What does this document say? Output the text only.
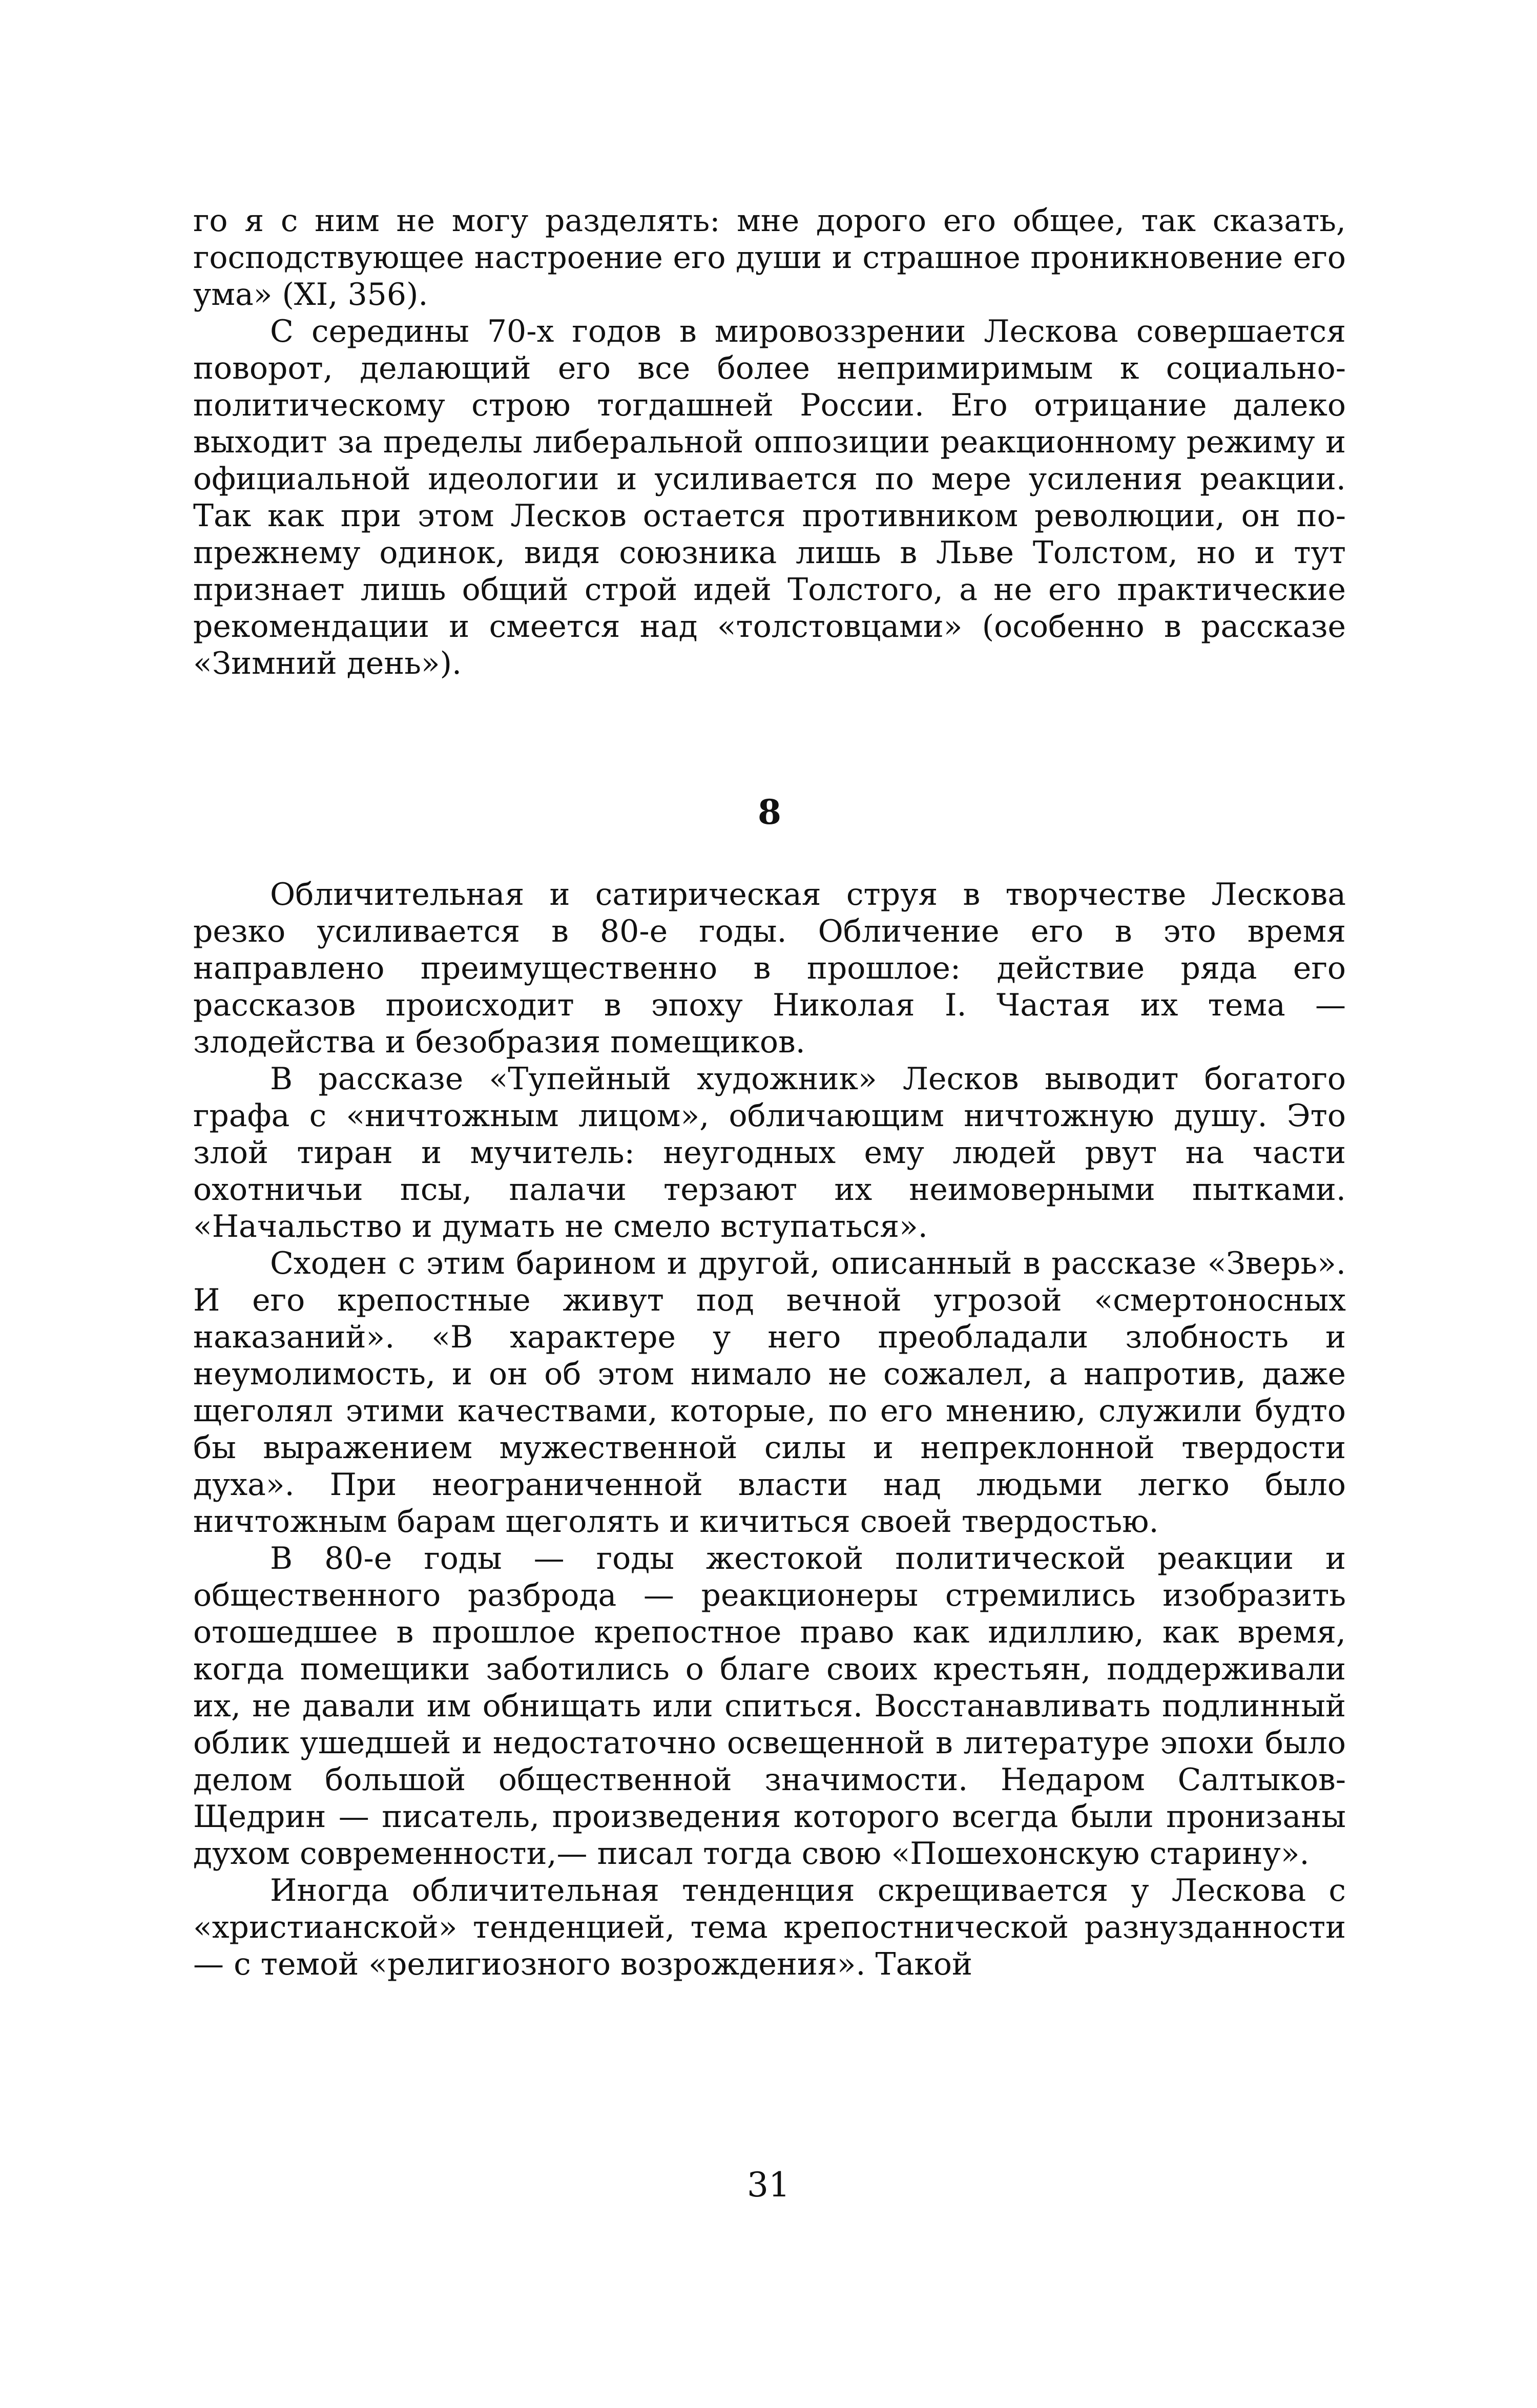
го я с ним не могу разделять: мне дорого его общее, так сказать, господствующее настроение его души и страшное проникновение его ума» (XI, 356).

С середины 70-х годов в мировоззрении Лескова совершается поворот, делающий его все более непримиримым к социально-политическому строю тогдашней России. Его отрицание далеко выходит за пределы либеральной оппозиции реакционному режиму и официальной идеологии и усиливается по мере усиления реакции. Так как при этом Лесков остается противником революции, он по-прежнему одинок, видя союзника лишь в Льве Толстом, но и тут признает лишь общий строй идей Толстого, а не его практические рекомендации и смеется над «толстовцами» (особенно в рассказе «Зимний день»).

8

Обличительная и сатирическая струя в творчестве Лескова резко усиливается в 80-е годы. Обличение его в это время направлено преимущественно в прошлое: действие ряда его рассказов происходит в эпоху Николая I. Частая их тема — злодейства и безобразия помещиков.

В рассказе «Тупейный художник» Лесков выводит богатого графа с «ничтожным лицом», обличающим ничтожную душу. Это злой тиран и мучитель: неугодных ему людей рвут на части охотничьи псы, палачи терзают их неимоверными пытками. «Начальство и думать не смело вступаться».

Сходен с этим барином и другой, описанный в рассказе «Зверь». И его крепостные живут под вечной угрозой «смертоносных наказаний». «В характере у него преобладали злобность и неумолимость, и он об этом нимало не сожалел, а напротив, даже щеголял этими качествами, которые, по его мнению, служили будто бы выражением мужественной силы и непреклонной твердости духа». При неограниченной власти над людьми легко было ничтожным барам щеголять и кичиться своей твердостью.

В 80-е годы — годы жестокой политической реакции и общественного разброда — реакционеры стремились изобразить отошедшее в прошлое крепостное право как идиллию, как время, когда помещики заботились о благе своих крестьян, поддерживали их, не давали им обнищать или спиться. Восстанавливать подлинный облик ушедшей и недостаточно освещенной в литературе эпохи было делом большой общественной значимости. Недаром Салтыков-Щедрин — писатель, произведения которого всегда были пронизаны духом современности,— писал тогда свою «Пошехонскую старину».

Иногда обличительная тенденция скрещивается у Лескова с «христианской» тенденцией, тема крепостнической разнузданности — с темой «религиозного возрождения». Такой

31
